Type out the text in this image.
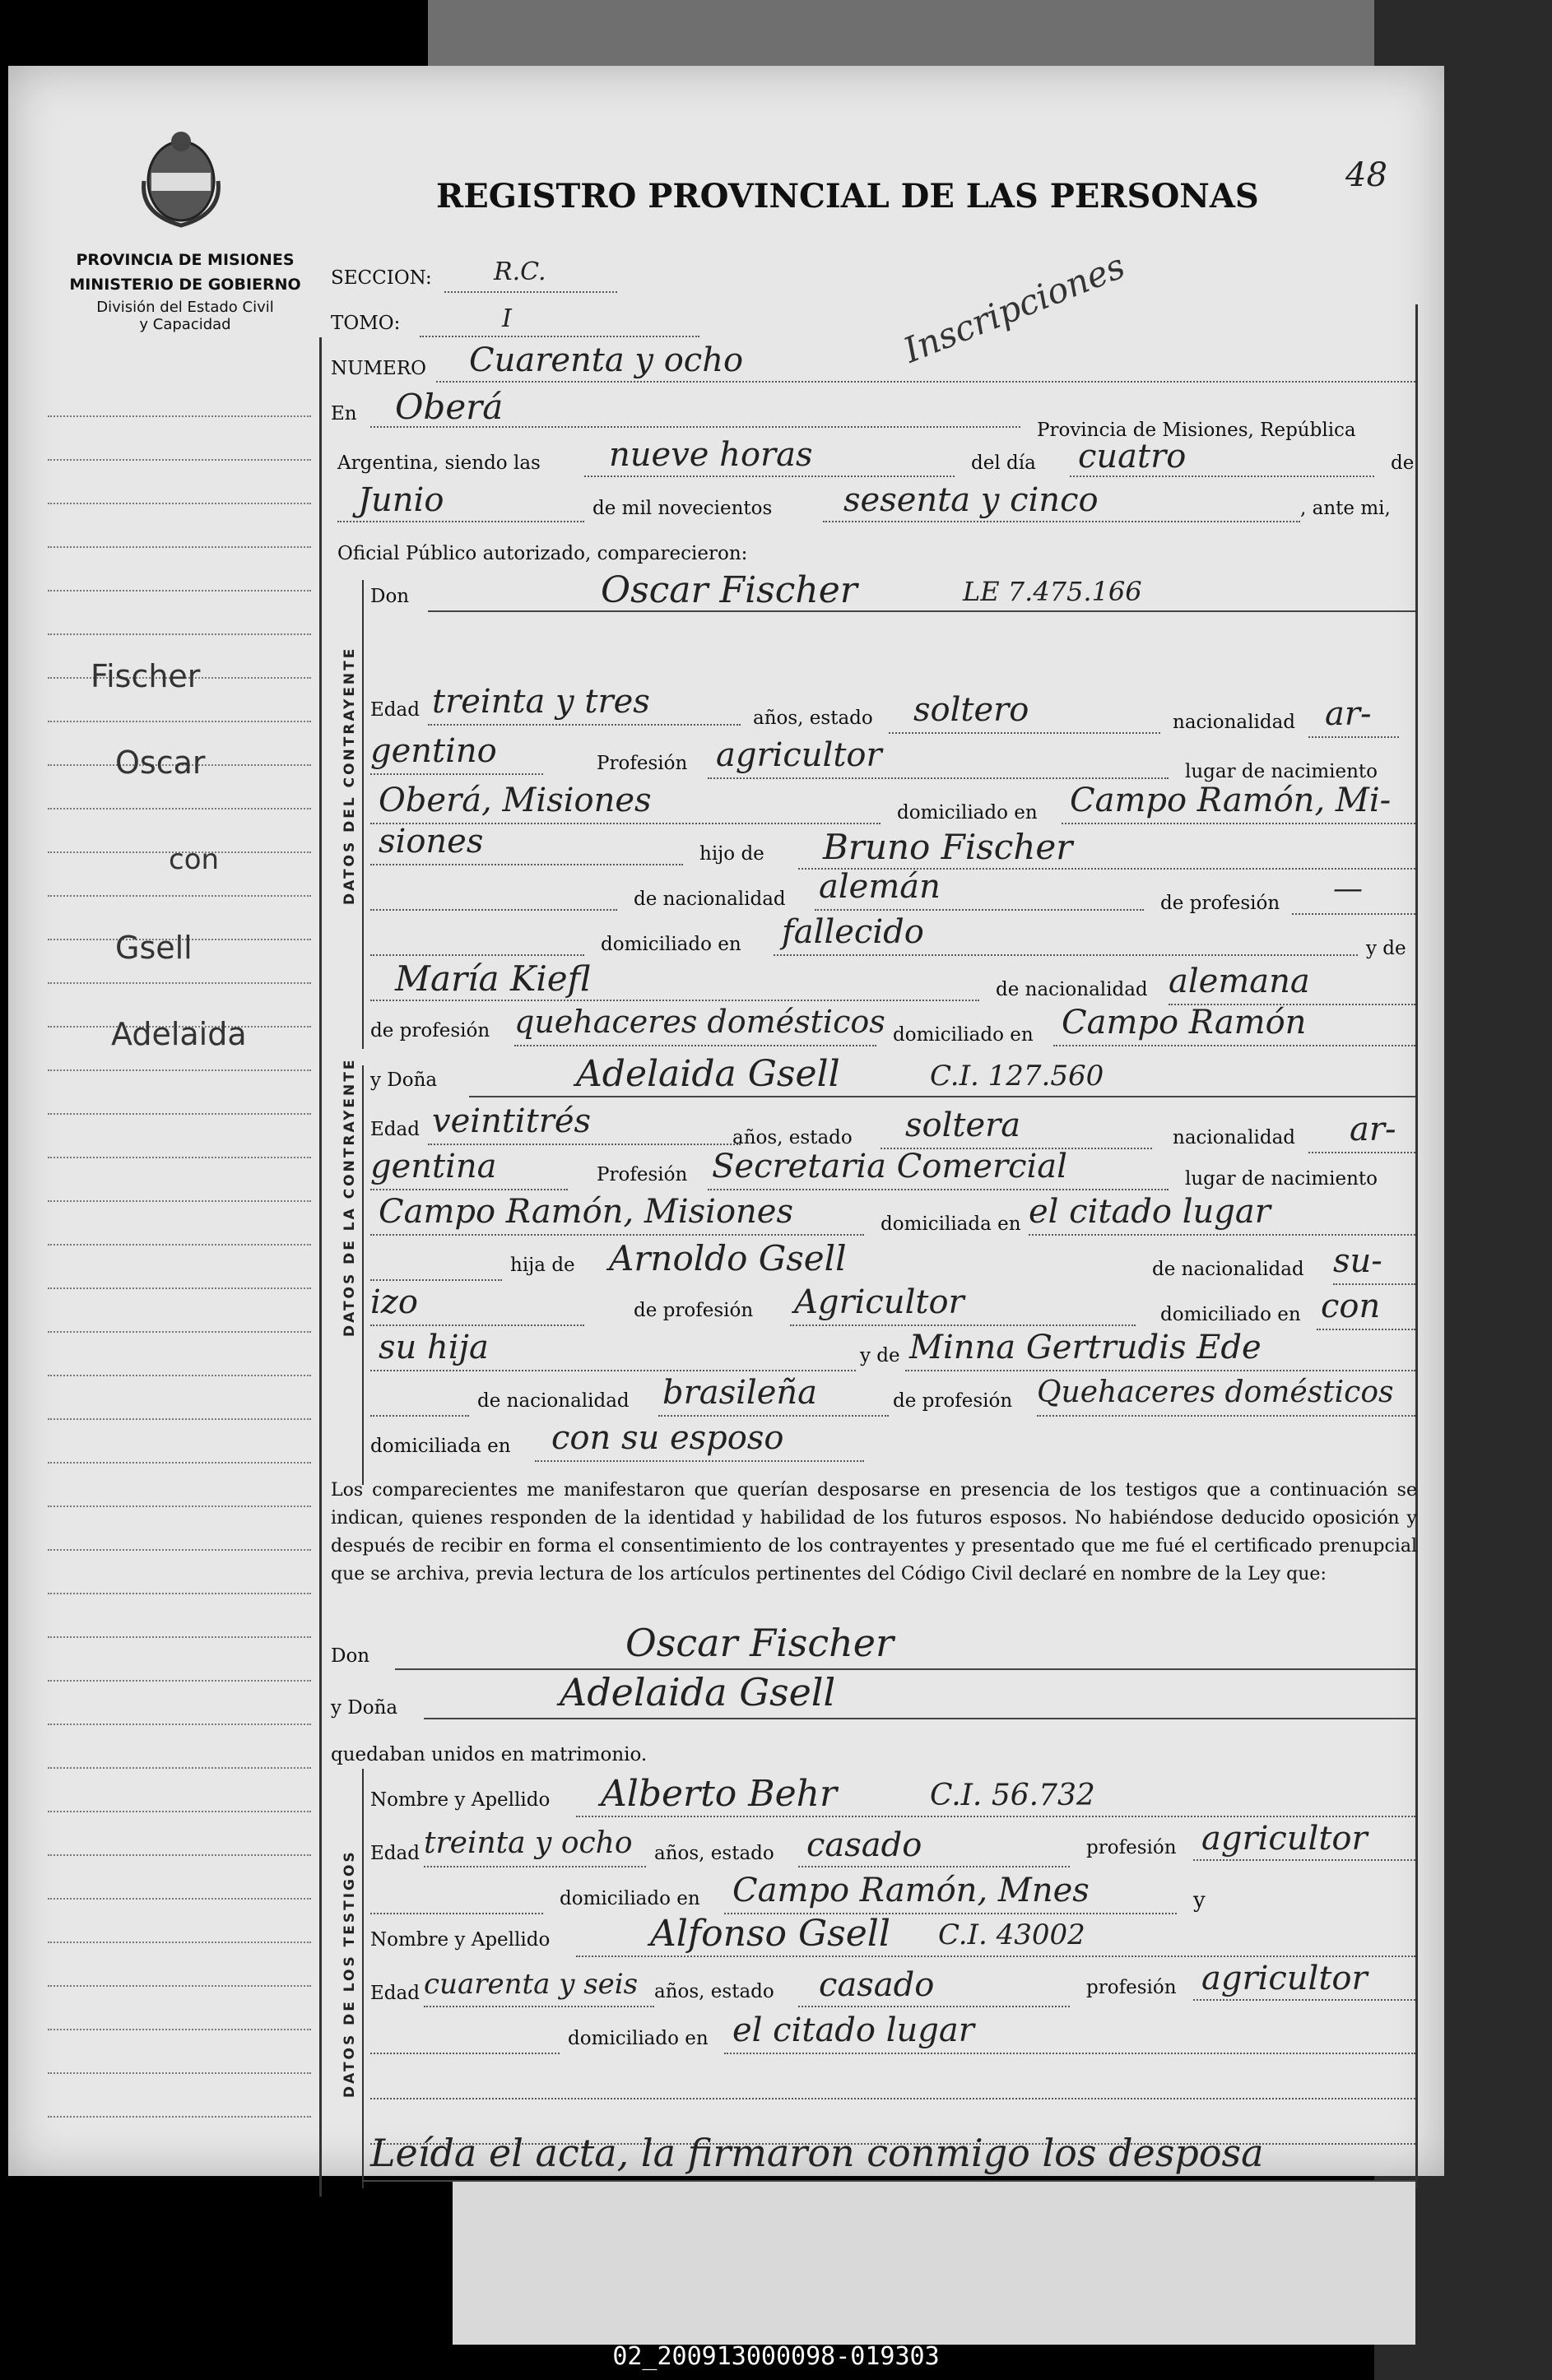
PROVINCIA DE MISIONES
MINISTERIO DE GOBIERNO
División del Estado Civil
y Capacidad
REGISTRO PROVINCIAL DE LAS PERSONAS
48
Inscripciones
Fischer
Oscar
con
Gsell
Adelaida
SECCION:	R.C.
TOMO:	I
NUMERO Cuarenta y ocho
En Oberá
Provincia de Misiones, República
Argentina, siendo las nueve horas	del día cuatro	de
Junio	de mil novecientos sesenta y cinco	, ante mi,
Oficial Público autorizado, comparecieron:
DATOS DEL CONTRAYENTE
Don	Oscar Fischer	LE 7.475.166
Edad treinta y tres	años, estado soltero	nacionalidad ar-
gentino	Profesión agricultor	lugar de nacimiento
Oberá, Misiones	domiciliado en Campo Ramón, Mi-
siones	hijo de Bruno Fischer
de nacionalidad alemán	de profesión —
domiciliado en fallecido	y de
María Kiefl	de nacionalidad alemana
de profesión quehaceres domésticos domiciliado en Campo Ramón
DATOS DE LA CONTRAYENTE y Doña	Adelaida Gsell	C.I. 127.560
Edad veintitrés	años, estado soltera	nacionalidad ar-
gentina	Profesión Secretaria Comercial	lugar de nacimiento
Campo Ramón, Misiones	domiciliada en el citado lugar
hija de Arnoldo Gsell	de nacionalidad su-
izo	de profesión Agricultor	domiciliado en con
su hija	y de Minna Gertrudis Ede
de nacionalidad brasileña	de profesión Quehaceres domésticos
domiciliada en con su esposo
Los comparecientes me manifestaron que querían desposarse en presencia de los testigos que a continuación se indican, quienes responden de la identidad y habilidad de los futuros esposos. No habiéndose deducido oposición y después de recibir en forma el consentimiento de los contrayentes y presentado que me fué el certificado prenupcial que se archiva, previa lectura de los artículos pertinentes del Código Civil declaré en nombre de la Ley que:
Don	Oscar Fischer
y Doña	Adelaida Gsell
quedaban unidos en matrimonio.
DATOS DE LOS TESTIGOS
Nombre y Apellido Alberto Behr	C.I. 56.732
Edad treinta y ocho años, estado casado	profesión agricultor
domiciliado en Campo Ramón, Mnes	y
Nombre y Apellido	Alfonso Gsell C.I. 43002
Edad cuarenta y seis años, estado casado	profesión agricultor
domiciliado en el citado lugar
Leída el acta, la firmaron conmigo los desposa
02_200913000098-019303
